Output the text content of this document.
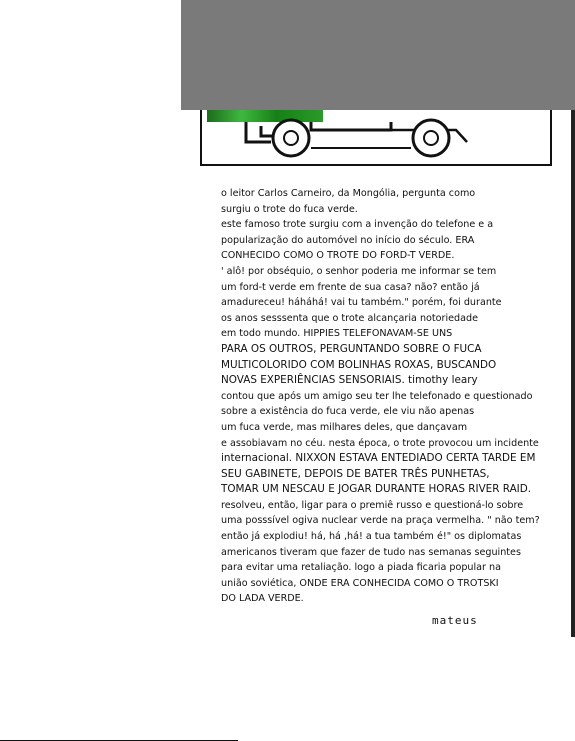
o leitor Carlos Carneiro, da Mongólia, pergunta como
surgiu o trote do fuca verde.
este famoso trote surgiu com a invenção do telefone e a
popularização do automóvel no início do século. ERA
CONHECIDO COMO O TROTE DO FORD-T VERDE.
' alô! por obséquio, o senhor poderia me informar se tem
um ford-t verde em frente de sua casa? não? então já
amadureceu! háháhá! vai tu também." porém, foi durante
os anos sesssenta que o trote alcançaria notoriedade
em todo mundo. HIPPIES TELEFONAVAM-SE UNS
PARA OS OUTROS, PERGUNTANDO SOBRE O FUCA
MULTICOLORIDO COM BOLINHAS ROXAS, BUSCANDO
NOVAS EXPERIÊNCIAS SENSORIAIS. timothy leary
contou que após um amigo seu ter lhe telefonado e questionado
sobre a existência do fuca verde, ele viu não apenas
um fuca verde, mas milhares deles, que dançavam
e assobiavam no céu. nesta época, o trote provocou um incidente
internacional. NIXXON ESTAVA ENTEDIADO CERTA TARDE EM
SEU GABINETE, DEPOIS DE BATER TRÊS PUNHETAS,
TOMAR UM NESCAU E JOGAR DURANTE HORAS RIVER RAID.
resolveu, então, ligar para o premiê russo e questioná-lo sobre
uma posssível ogiva nuclear verde na praça vermelha. " não tem?
então já explodiu! há, há ,há! a tua também é!" os diplomatas
americanos tiveram que fazer de tudo nas semanas seguintes
para evitar uma retaliação. logo a piada ficaria popular na
união soviética, ONDE ERA CONHECIDA COMO O TROTSKI
DO LADA VERDE.
mateus
